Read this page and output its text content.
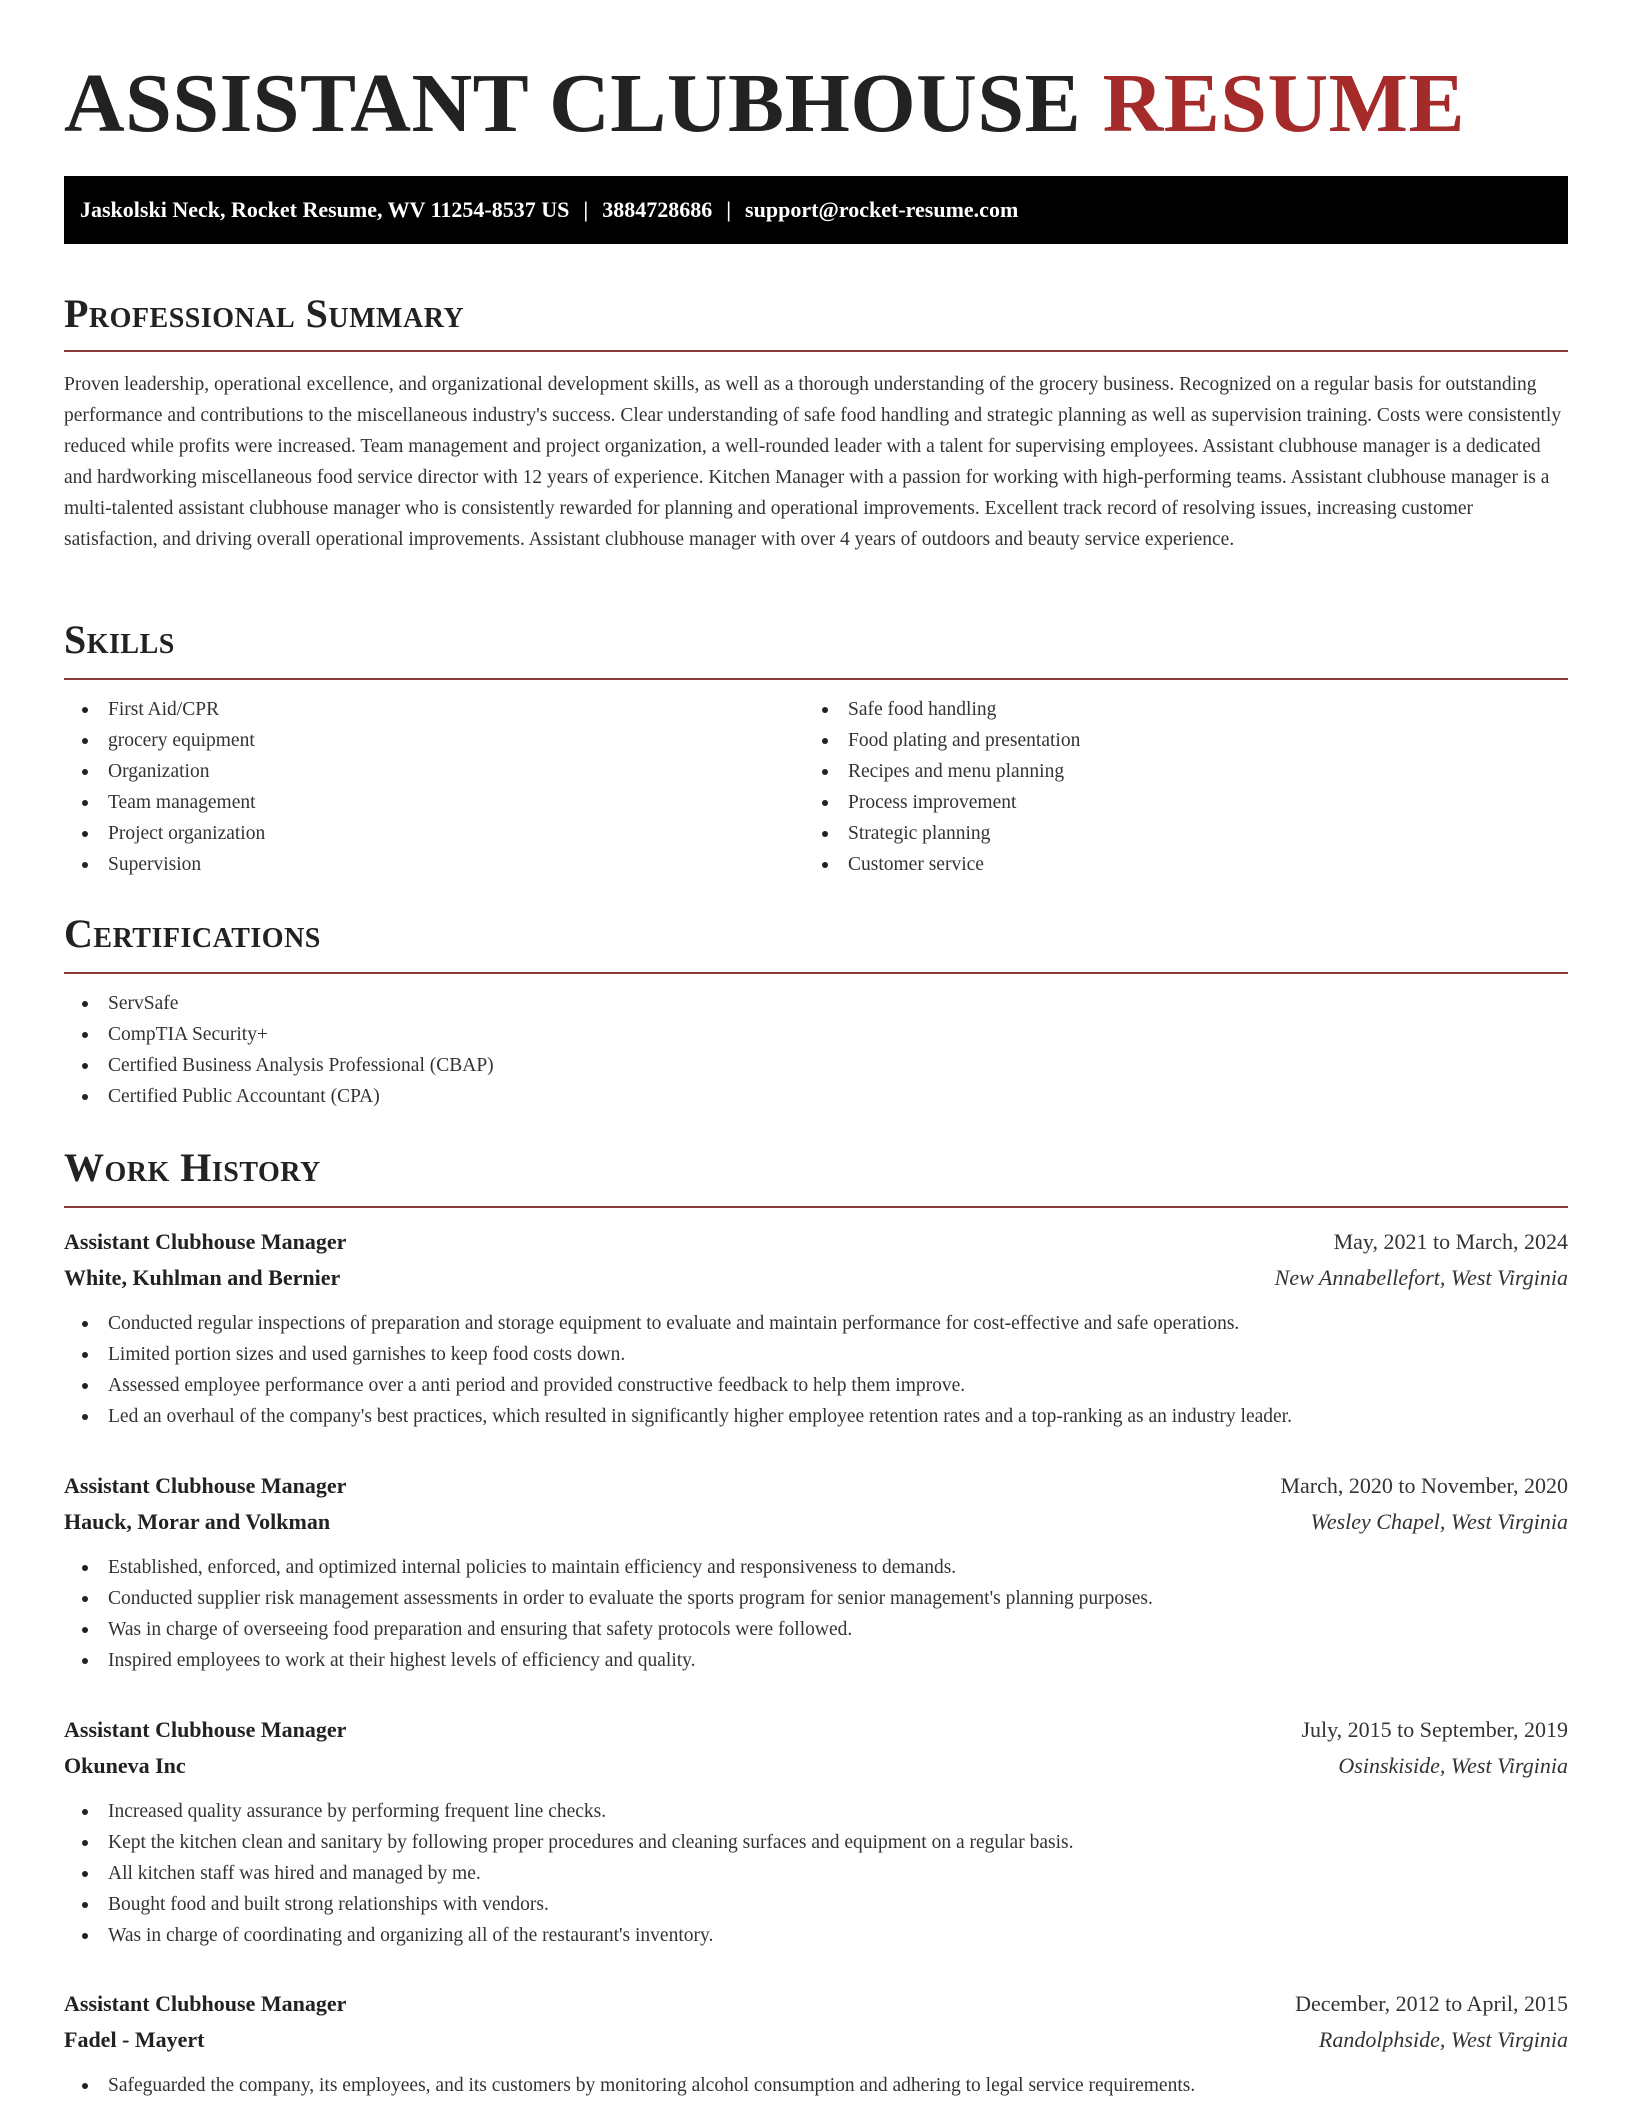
ASSISTANT CLUBHOUSE RESUME
Jaskolski Neck, Rocket Resume, WV 11254-8537 US | 3884728686 | support@rocket-resume.com
Professional Summary

Proven leadership, operational excellence, and organizational development skills, as well as a thorough understanding of the grocery business. Recognized on a regular basis for outstanding performance and contributions to the miscellaneous industry's success. Clear understanding of safe food handling and strategic planning as well as supervision training. Costs were consistently reduced while profits were increased. Team management and project organization, a well-rounded leader with a talent for supervising employees. Assistant clubhouse manager is a dedicated and hardworking miscellaneous food service director with 12 years of experience. Kitchen Manager with a passion for working with high-performing teams. Assistant clubhouse manager is a multi-talented assistant clubhouse manager who is consistently rewarded for planning and operational improvements. Excellent track record of resolving issues, increasing customer satisfaction, and driving overall operational improvements. Assistant clubhouse manager with over 4 years of outdoors and beauty service experience.

Skills
First Aid/CPR
grocery equipment
Organization
Team management
Project organization
Supervision
Safe food handling
Food plating and presentation
Recipes and menu planning
Process improvement
Strategic planning
Customer service
Certifications
ServSafe
CompTIA Security+
Certified Business Analysis Professional (CBAP)
Certified Public Accountant (CPA)
Work History
Assistant Clubhouse Manager	May, 2021 to March, 2024
White, Kuhlman and Bernier	New Annabellefort, West Virginia
Conducted regular inspections of preparation and storage equipment to evaluate and maintain performance for cost-effective and safe operations.
Limited portion sizes and used garnishes to keep food costs down.
Assessed employee performance over a anti period and provided constructive feedback to help them improve.
Led an overhaul of the company's best practices, which resulted in significantly higher employee retention rates and a top-ranking as an industry leader.
Assistant Clubhouse Manager	March, 2020 to November, 2020
Hauck, Morar and Volkman	Wesley Chapel, West Virginia
Established, enforced, and optimized internal policies to maintain efficiency and responsiveness to demands.
Conducted supplier risk management assessments in order to evaluate the sports program for senior management's planning purposes.
Was in charge of overseeing food preparation and ensuring that safety protocols were followed.
Inspired employees to work at their highest levels of efficiency and quality.
Assistant Clubhouse Manager	July, 2015 to September, 2019
Okuneva Inc	Osinskiside, West Virginia
Increased quality assurance by performing frequent line checks.
Kept the kitchen clean and sanitary by following proper procedures and cleaning surfaces and equipment on a regular basis.
All kitchen staff was hired and managed by me.
Bought food and built strong relationships with vendors.
Was in charge of coordinating and organizing all of the restaurant's inventory.
Assistant Clubhouse Manager	December, 2012 to April, 2015
Fadel - Mayert	Randolphside, West Virginia
Safeguarded the company, its employees, and its customers by monitoring alcohol consumption and adhering to legal service requirements.
